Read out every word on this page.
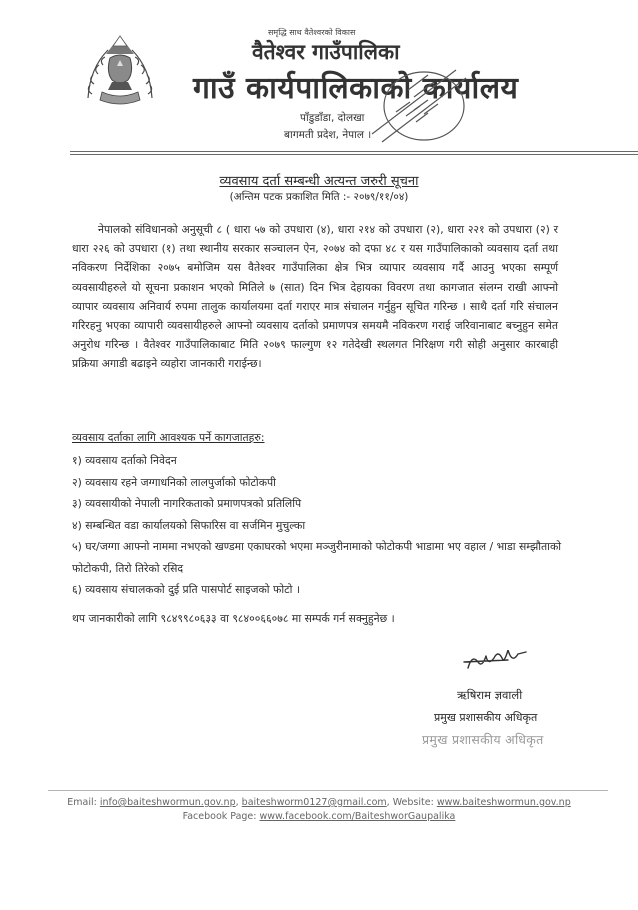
समृद्धि साथ वैतेश्वरको विकास
वैतेश्वर गाउँपालिका
गाउँ कार्यपालिकाको कार्यालय
पाँडुडाँडा, दोलखा
बागमती प्रदेश, नेपाल ।
व्यवसाय दर्ता सम्बन्धी अत्यन्त जरुरी सूचना
(अन्तिम पटक प्रकाशित मिति :- २०७९/११/०४)
नेपालको संविधानको अनुसूची ८ ( धारा ५७ को उपधारा (४), धारा २१४ को उपधारा (२), धारा २२१ को उपधारा (२) र धारा २२६ को उपधारा (१) तथा स्थानीय सरकार सञ्चालन ऐन, २०७४ को दफा ४८ र यस गाउँपालिकाको व्यवसाय दर्ता तथा नविकरण निर्देशिका २०७५ बमोजिम यस वैतेश्वर गाउँपालिका क्षेत्र भित्र व्यापार व्यवसाय गर्दै आउनु भएका सम्पूर्ण व्यवसायीहरुले यो सूचना प्रकाशन भएको मितिले ७ (सात) दिन भित्र देहायका विवरण तथा कागजात संलग्न राखी आफ्नो व्यापार व्यवसाय अनिवार्य रुपमा तालुक कार्यालयमा दर्ता गराएर मात्र संचालन गर्नुहुन सूचित गरिन्छ । साथै दर्ता गरि संचालन गरिरहनु भएका व्यापारी व्यवसायीहरुले आफ्नो व्यवसाय दर्ताको प्रमाणपत्र समयमै नविकरण गराई जरिवानाबाट बच्नुहुन समेत अनुरोध गरिन्छ । वैतेश्वर गाउँपालिकाबाट मिति २०७९ फाल्गुण १२ गतेदेखी स्थलगत निरिक्षण गरी सोही अनुसार कारबाही प्रक्रिया अगाडी बढाइने व्यहोरा जानकारी गराईन्छ।
व्यवसाय दर्ताका लागि आवश्यक पर्ने कागजातहरु:
१) व्यवसाय दर्ताको निवेदन
२) व्यवसाय रहने जग्गाधनिको लालपुर्जाको फोटोकपी
३) व्यवसायीको नेपाली नागरिकताको प्रमाणपत्रको प्रतिलिपि
४) सम्बन्धित वडा कार्यालयको सिफारिस वा सर्जमिन मुचुल्का
५) घर/जग्गा आफ्नो नाममा नभएको खण्डमा एकाघरको भएमा मञ्जुरीनामाको फोटोकपी भाडामा भए वहाल / भाडा सम्झौताको फोटोकपी, तिरो तिरेको रसिद
६) व्यवसाय संचालकको दुई प्रति पासपोर्ट साइजको फोटो ।
थप जानकारीको लागि ९८४९९८०६३३ वा ९८४००६६०७८ मा सम्पर्क गर्न सक्नुहुनेछ ।
ऋषिराम ज्ञवाली
प्रमुख प्रशासकीय अधिकृत
प्रमुख प्रशासकीय अधिकृत
Email: info@baiteshwormun.gov.np, baiteshworm0127@gmail.com, Website: www.baiteshwormun.gov.np
Facebook Page: www.facebook.com/BaiteshworGaupalika
